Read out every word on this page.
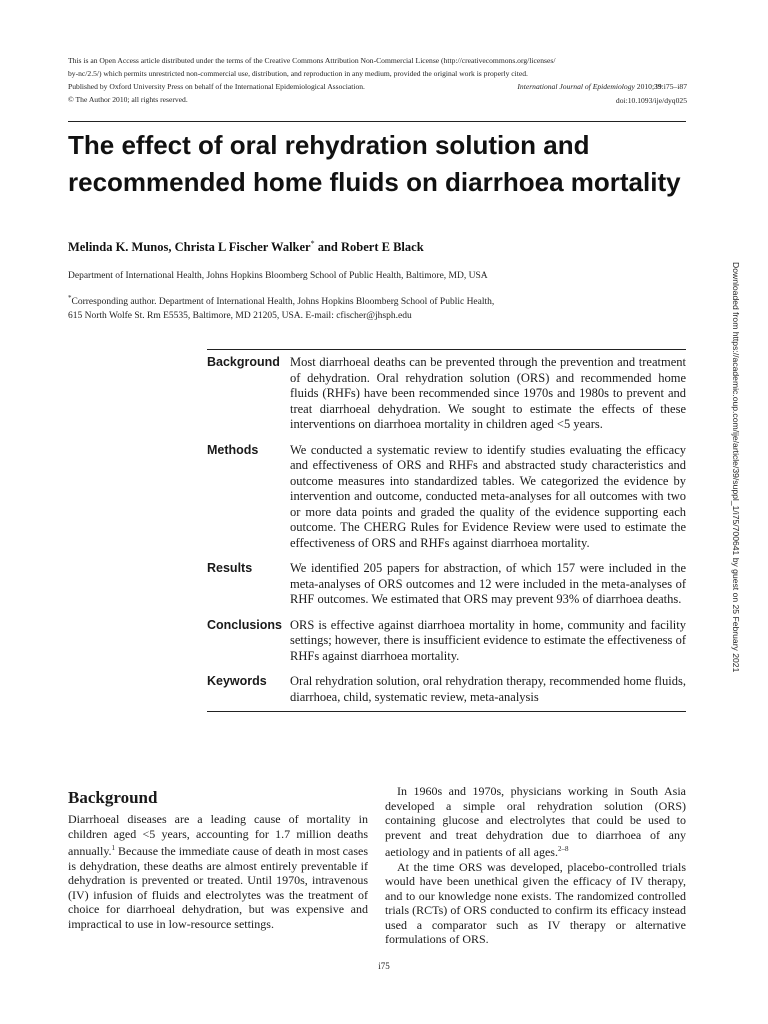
This is an Open Access article distributed under the terms of the Creative Commons Attribution Non-Commercial License (http://creativecommons.org/licenses/
by-nc/2.5/) which permits unrestricted non-commercial use, distribution, and reproduction in any medium, provided the original work is properly cited.
Published by Oxford University Press on behalf of the International Epidemiological Association.
© The Author 2010; all rights reserved.
International Journal of Epidemiology 2010;39:i75–i87
doi:10.1093/ije/dyq025
The effect of oral rehydration solution and recommended home fluids on diarrhoea mortality
Melinda K. Munos, Christa L Fischer Walker* and Robert E Black
Department of International Health, Johns Hopkins Bloomberg School of Public Health, Baltimore, MD, USA
*Corresponding author. Department of International Health, Johns Hopkins Bloomberg School of Public Health,
615 North Wolfe St. Rm E5535, Baltimore, MD 21205, USA. E-mail: cfischer@jhsph.edu	Downloaded from https://academic.oup.com/ije/article/39/suppl_1/i75/700641 by guest on 25 February 2021
Background Most diarrhoeal deaths can be prevented through the prevention and treatment of dehydration. Oral rehydration solution (ORS) and recommended home fluids (RHFs) have been recommended since 1970s and 1980s to prevent and treat diarrhoeal dehydration. We sought to estimate the effects of these interventions on diarrhoea mortality in children aged <5 years.
Methods	We conducted a systematic review to identify studies evaluating the efficacy and effectiveness of ORS and RHFs and abstracted study characteristics and outcome measures into standardized tables. We categorized the evidence by intervention and outcome, conducted meta-analyses for all outcomes with two or more data points and graded the quality of the evidence supporting each outcome. The CHERG Rules for Evidence Review were used to estimate the effectiveness of ORS and RHFs against diarrhoea mortality.
Results	We identified 205 papers for abstraction, of which 157 were included in the meta-analyses of ORS outcomes and 12 were included in the meta-analyses of RHF outcomes. We estimated that ORS may prevent 93% of diarrhoea deaths.
Conclusions ORS is effective against diarrhoea mortality in home, community and facility settings; however, there is insufficient evidence to estimate the effectiveness of RHFs against diarrhoea mortality.
Keywords	Oral rehydration solution, oral rehydration therapy, recommended home fluids, diarrhoea, child, systematic review, meta-analysis
Background

Diarrhoeal diseases are a leading cause of mortality in children aged <5 years, accounting for 1.7 million deaths annually.$^1$ Because the immediate cause of death in most cases is dehydration, these deaths are almost entirely preventable if dehydration is prevented or treated. Until 1970s, intravenous (IV) infusion of fluids and electrolytes was the treatment of choice for diarrhoeal dehydration, but was expensive and impractical to use in low-resource settings.

In 1960s and 1970s, physicians working in South Asia developed a simple oral rehydration solution (ORS) containing glucose and electrolytes that could be used to prevent and treat dehydration due to diarrhoea of any aetiology and in patients of all ages.$^{2-8}$

At the time ORS was developed, placebo-controlled trials would have been unethical given the efficacy of IV therapy, and to our knowledge none exists. The randomized controlled trials (RCTs) of ORS conducted to confirm its efficacy instead used a comparator such as IV therapy or alternative formulations of ORS.

i75
